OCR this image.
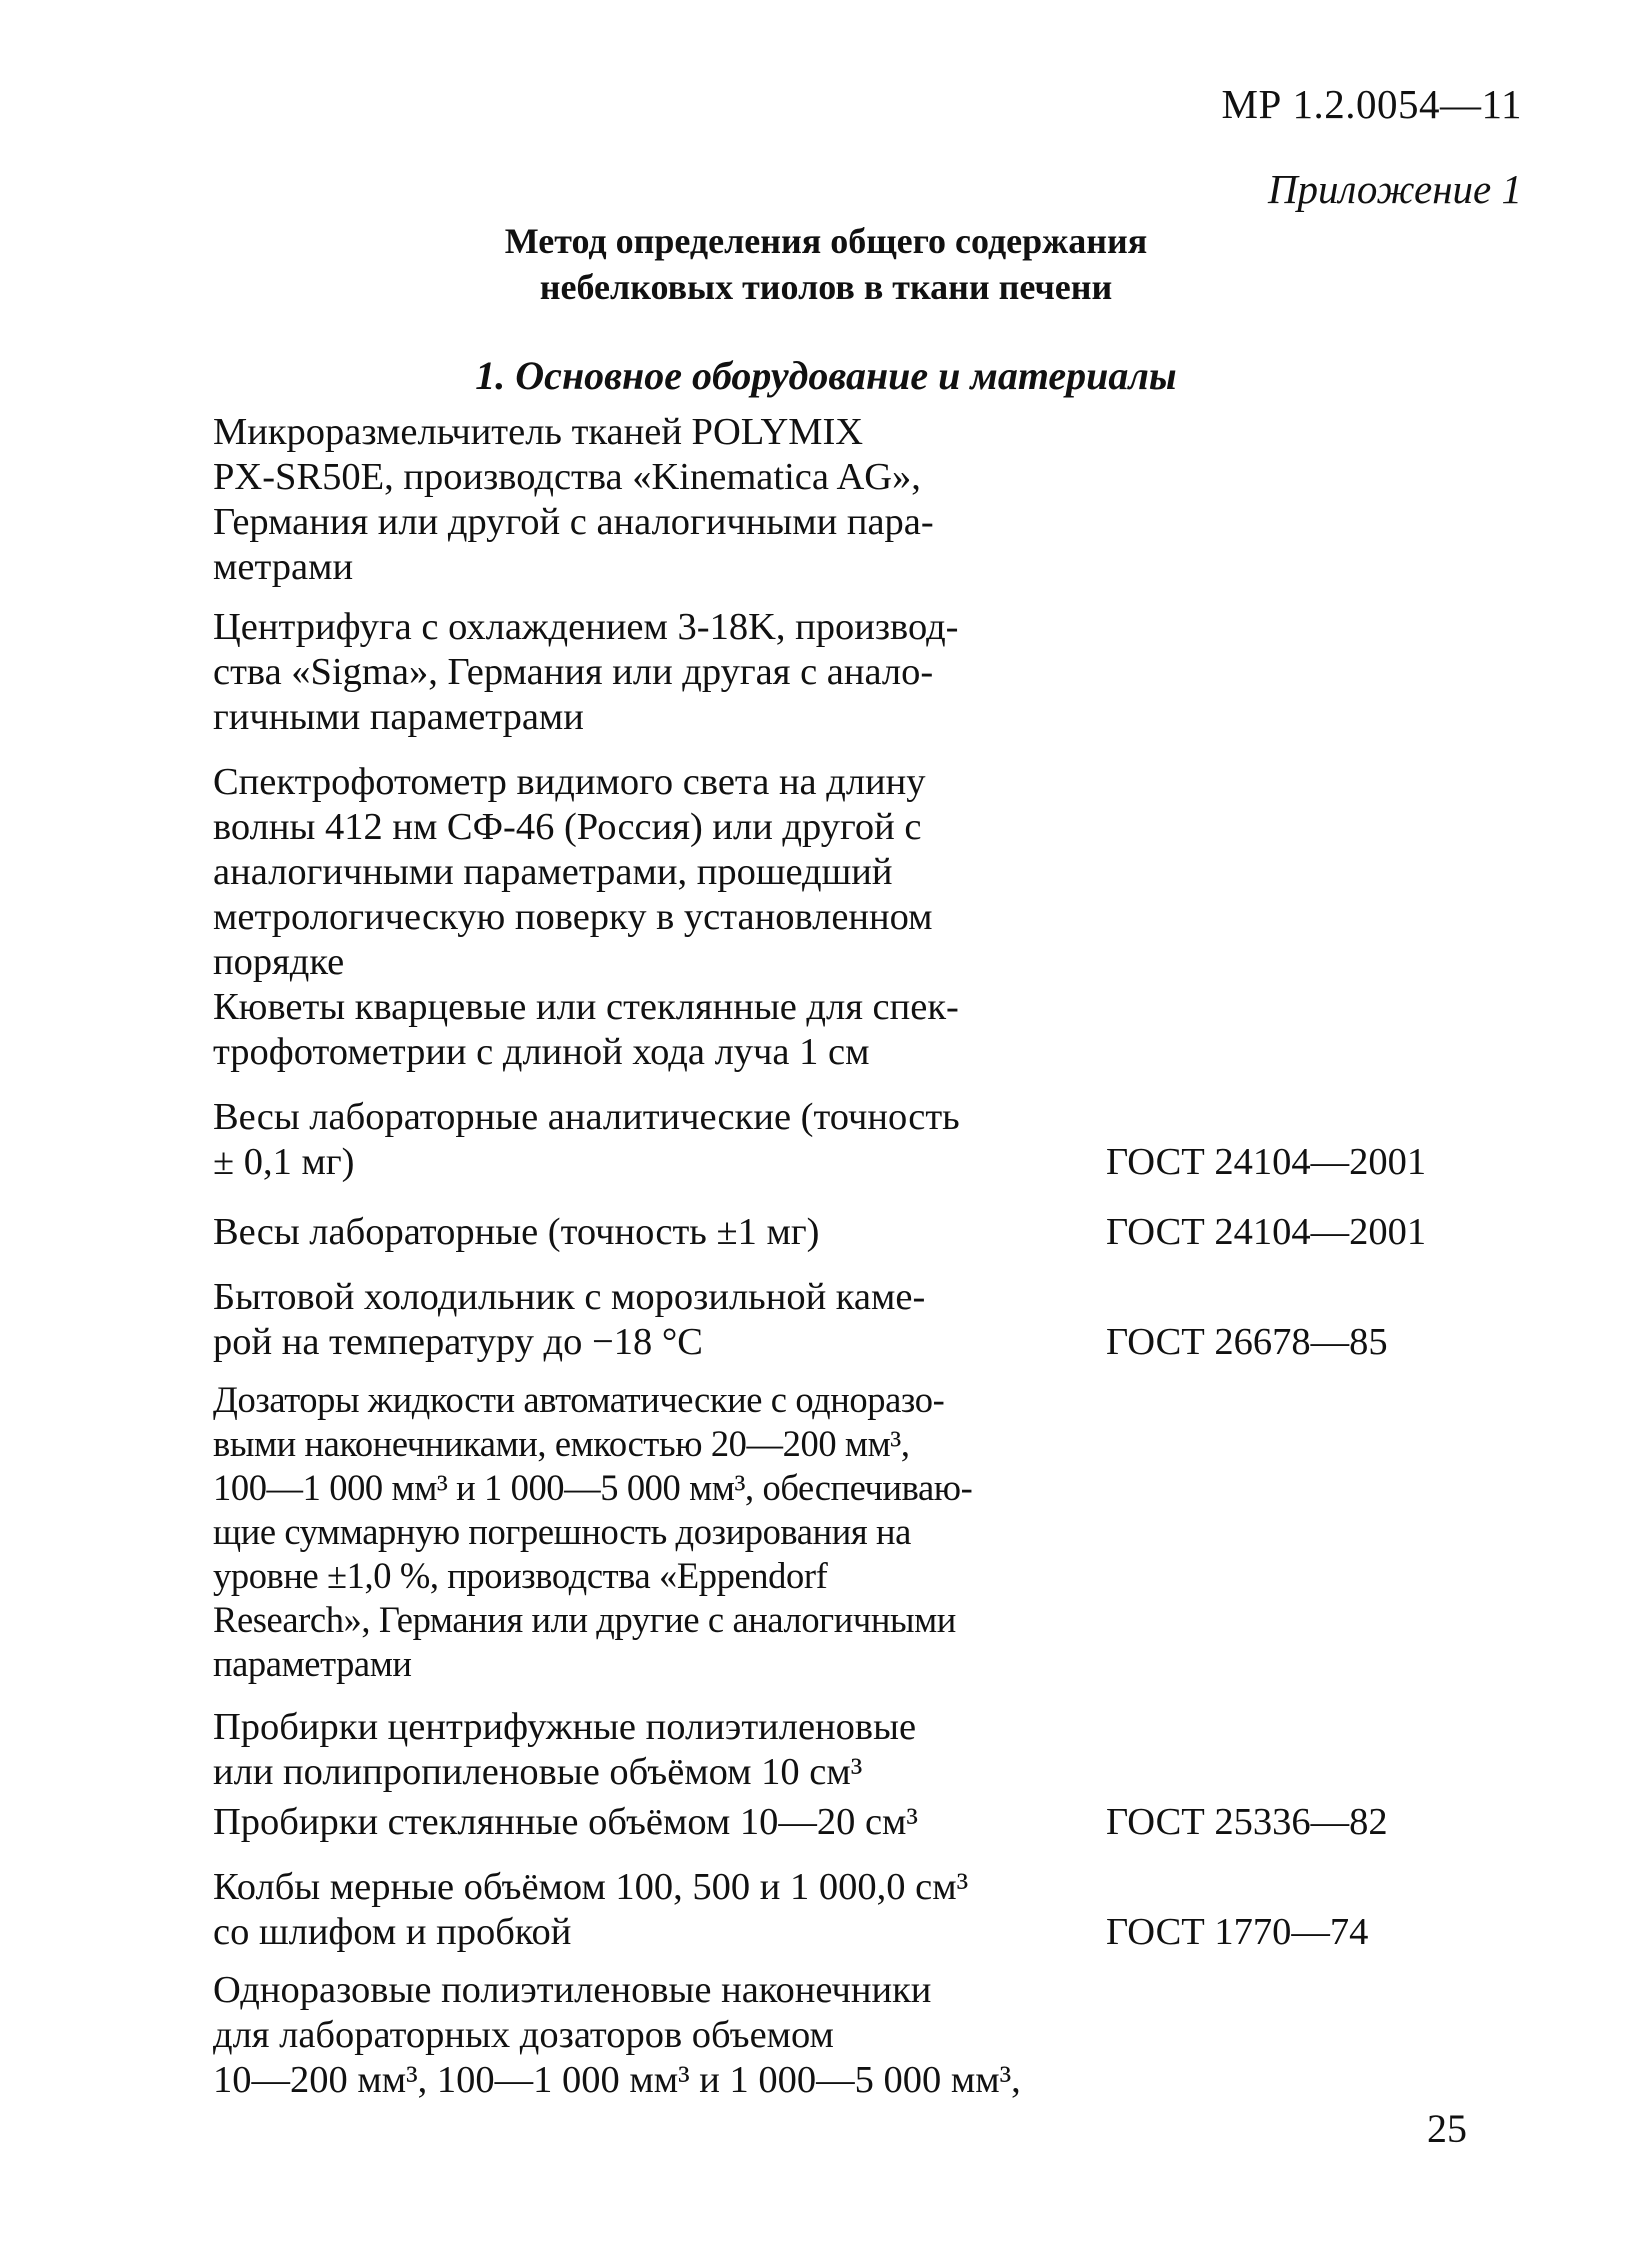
МР 1.2.0054—11
Приложение 1
Метод определения общего содержания
небелковых тиолов в ткани печени
1. Основное оборудование и материалы
Микроразмельчитель тканей POLYMIX
PX-SR50E, производства «Kinematica AG»,
Германия или другой с аналогичными пара-
метрами
Центрифуга с охлаждением 3-18K, производ-
ства «Sigma», Германия или другая с анало-
гичными параметрами
Спектрофотометр видимого света на длину
волны 412 нм СФ-46 (Россия) или другой с
аналогичными параметрами, прошедший
метрологическую поверку в установленном
порядке
Кюветы кварцевые или стеклянные для спек-
трофотометрии с длиной хода луча 1 см
Весы лабораторные аналитические (точность
± 0,1 мг)	ГОСТ 24104—2001
Весы лабораторные (точность ±1 мг)	ГОСТ 24104—2001
Бытовой холодильник с морозильной каме-
рой на температуру до −18 °С	ГОСТ 26678—85
Дозаторы жидкости автоматические с одноразо-
выми наконечниками, емкостью 20—200 мм³,
100—1 000 мм³ и 1 000—5 000 мм³, обеспечиваю-
щие суммарную погрешность дозирования на
уровне ±1,0 %, производства «Eppendorf
Research», Германия или другие с аналогичными
параметрами
Пробирки центрифужные полиэтиленовые
или полипропиленовые объёмом 10 см³
Пробирки стеклянные объёмом 10—20 см³	ГОСТ 25336—82
Колбы мерные объёмом 100, 500 и 1 000,0 см³
со шлифом и пробкой	ГОСТ 1770—74
Одноразовые полиэтиленовые наконечники
для лабораторных дозаторов объемом
10—200 мм³, 100—1 000 мм³ и 1 000—5 000 мм³,
25
